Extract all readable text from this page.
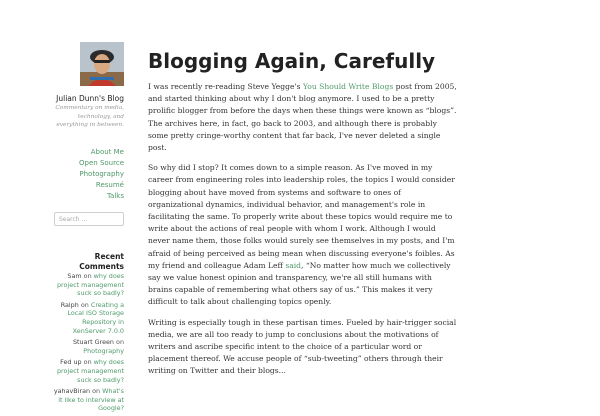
Julian Dunn's Blog
Commentary on media, technology, and everything in between.
About Me
Open Source
Photography
Resumé
Talks
Search ...
Recent Comments
Sam on why does project management suck so badly?
Ralph on Creating a Local ISO Storage Repository in XenServer 7.0.0
Stuart Green on Photography
Fed up on why does project management suck so badly?
yahavBiran on What's it like to interview at Google?
Blogging Again, Carefully

I was recently re-reading Steve Yegge's You Should Write Blogs post from 2005, and started thinking about why I don't blog anymore. I used to be a pretty prolific blogger from before the days when these things were known as “blogs”. The archives here, in fact, go back to 2003, and although there is probably some pretty cringe-worthy content that far back, I've never deleted a single post.

So why did I stop? It comes down to a simple reason. As I've moved in my career from engineering roles into leadership roles, the topics I would consider blogging about have moved from systems and software to ones of organizational dynamics, individual behavior, and management's role in facilitating the same. To properly write about these topics would require me to write about the actions of real people with whom I work. Although I would never name them, those folks would surely see themselves in my posts, and I'm afraid of being perceived as being mean when discussing everyone's foibles. As my friend and colleague Adam Leff said, “No matter how much we collectively say we value honest opinion and transparency, we're all still humans with brains capable of remembering what others say of us.” This makes it very difficult to talk about challenging topics openly.

Writing is especially tough in these partisan times. Fueled by hair-trigger social media, we are all too ready to jump to conclusions about the motivations of writers and ascribe specific intent to the choice of a particular word or placement thereof. We accuse people of “sub-tweeting” others through their writing on Twitter and their blogs...
